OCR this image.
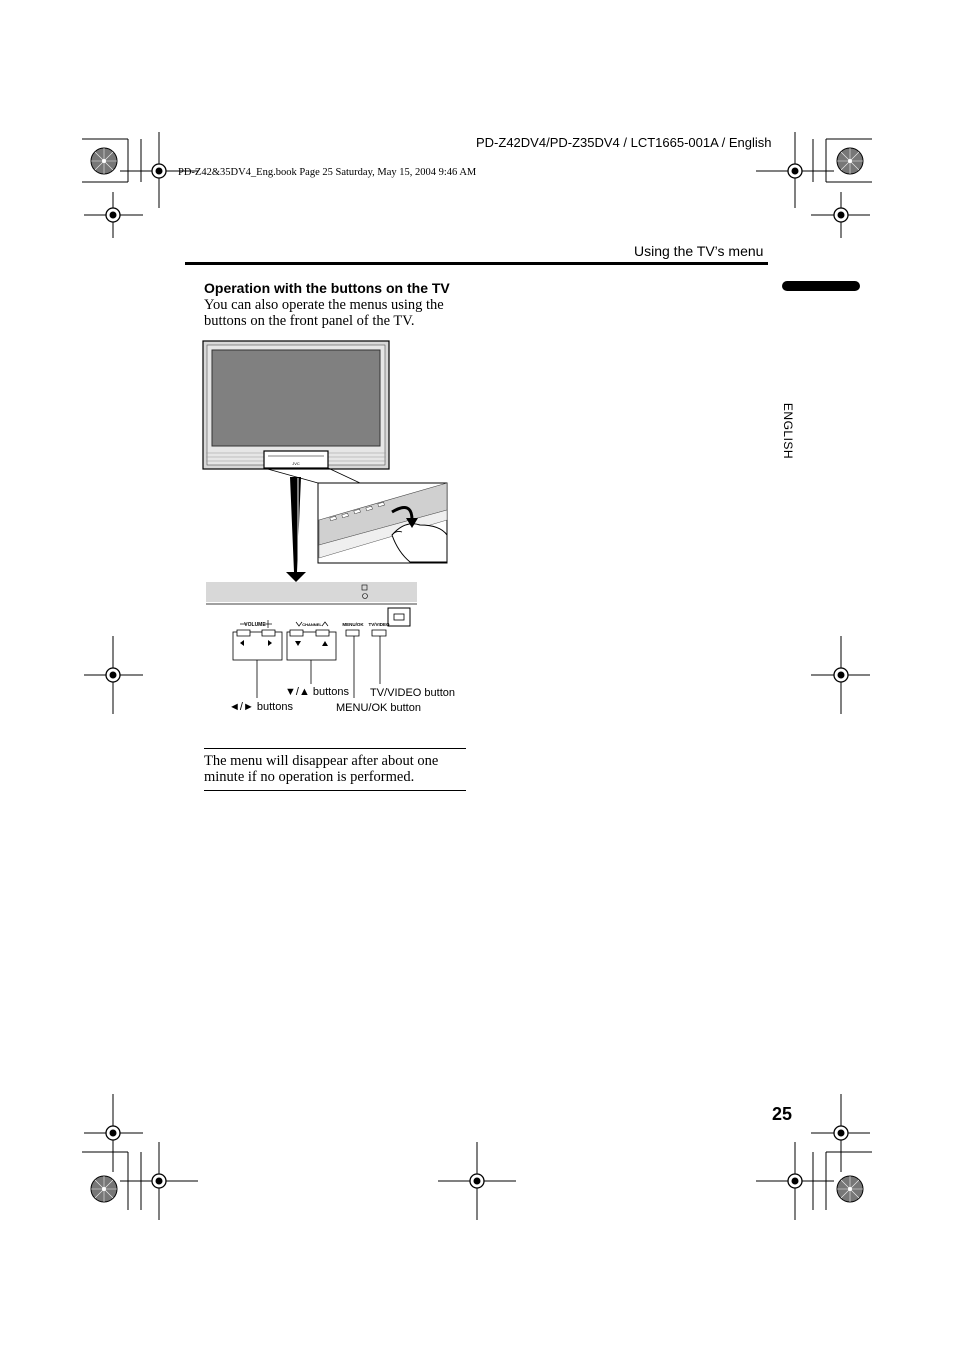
PD-Z42DV4/PD-Z35DV4 / LCT1665-001A / English
PD-Z42&35DV4_Eng.book Page 25 Saturday, May 15, 2004 9:46 AM
Using the TV’s menu
ENGLISH
Operation with the buttons on the TV
You can also operate the menus using the buttons on the front panel of the TV.
JVC
VOLUME	CHANNEL	MENU/OK TV/VIDEO
◄/► buttons
▼/▲ buttons TV/VIDEO button
MENU/OK button
The menu will disappear after about one minute if no operation is performed.
25
